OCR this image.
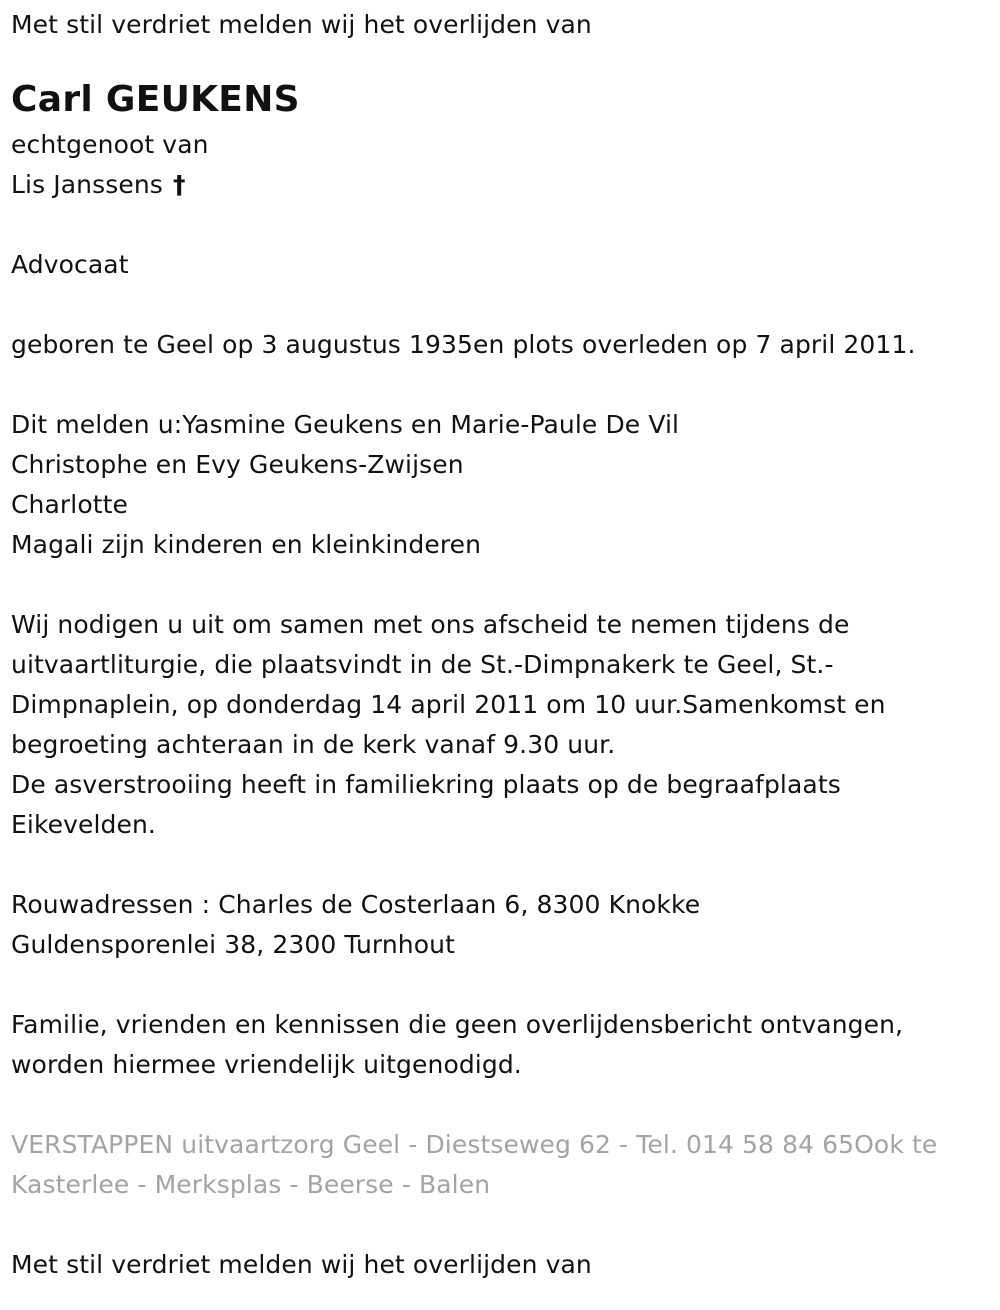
Met stil verdriet melden wij het overlijden van
Carl GEUKENS
echtgenoot van
Lis Janssens †
Advocaat
geboren te Geel op 3 augustus 1935en plots overleden op 7 april 2011.
Dit melden u:Yasmine Geukens en Marie-Paule De Vil
Christophe en Evy Geukens-Zwijsen
Charlotte
Magali zijn kinderen en kleinkinderen
Wij nodigen u uit om samen met ons afscheid te nemen tijdens de uitvaartliturgie, die plaatsvindt in de St.-Dimpnakerk te Geel, St.-Dimpnaplein, op donderdag 14 april 2011 om 10 uur.Samenkomst en begroeting achteraan in de kerk vanaf 9.30 uur.
De asverstrooiing heeft in familiekring plaats op de begraafplaats Eikevelden.
Rouwadressen : Charles de Costerlaan 6, 8300 Knokke
Guldensporenlei 38, 2300 Turnhout
Familie, vrienden en kennissen die geen overlijdensbericht ontvangen, worden hiermee vriendelijk uitgenodigd.
VERSTAPPEN uitvaartzorg Geel - Diestseweg 62 - Tel. 014 58 84 65Ook te Kasterlee - Merksplas - Beerse - Balen
Met stil verdriet melden wij het overlijden van
